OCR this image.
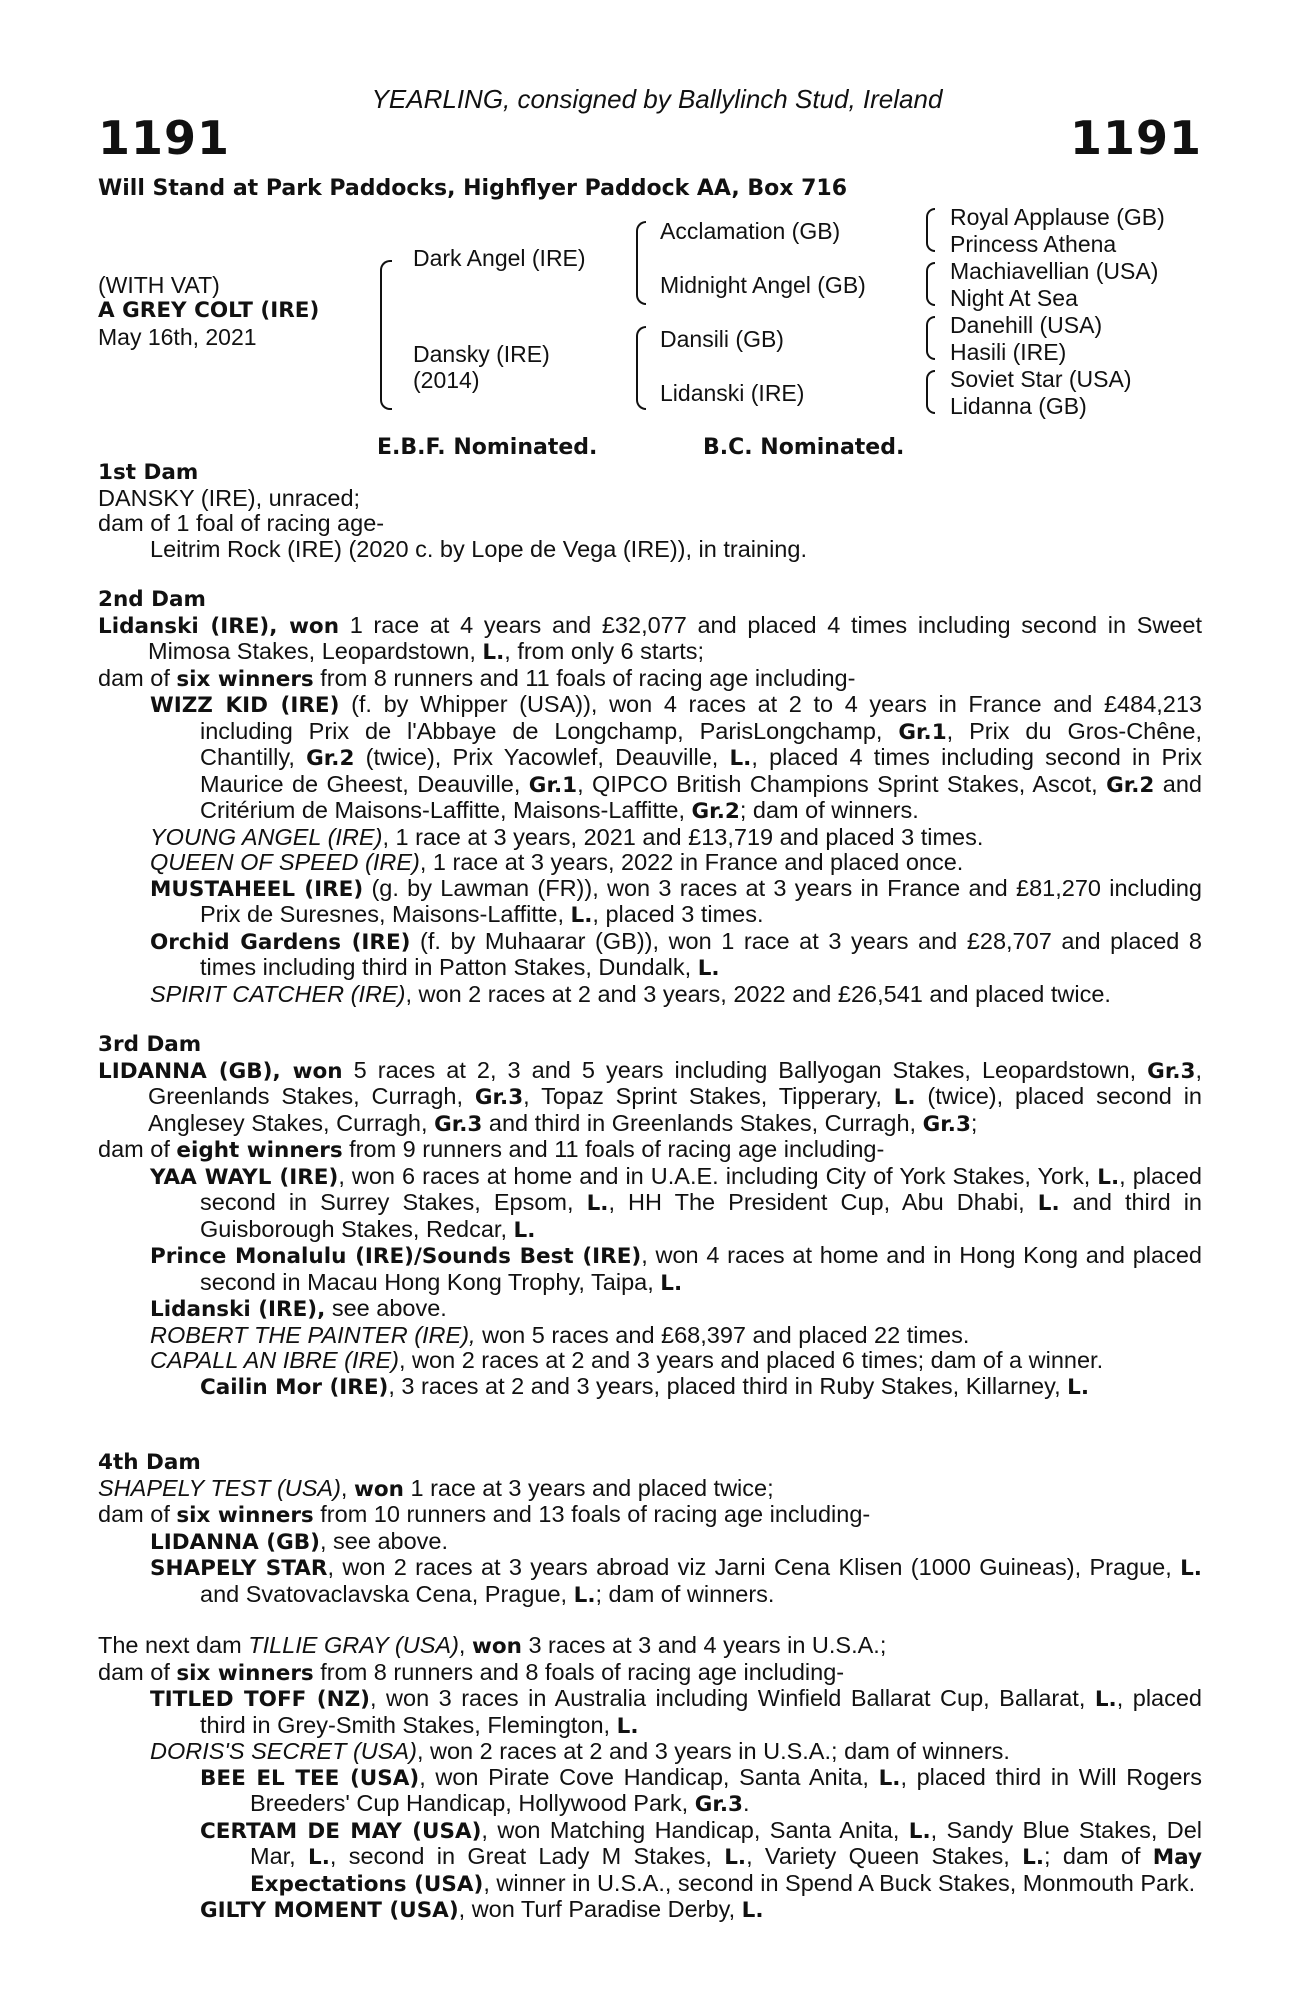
YEARLING, consigned by Ballylinch Stud, Ireland
1191	1191
Will Stand at Park Paddocks, Highflyer Paddock AA, Box 716
(WITH VAT)
A GREY COLT (IRE)
May 16th, 2021
Dark Angel (IRE)
Dansky (IRE)
(2014)
Acclamation (GB)
Midnight Angel (GB)
Dansili (GB)
Lidanski (IRE)
Royal Applause (GB)
Princess Athena
Machiavellian (USA)
Night At Sea
Danehill (USA)
Hasili (IRE)
Soviet Star (USA)
Lidanna (GB)
E.B.F. Nominated.	B.C. Nominated.
1st Dam
DANSKY (IRE), unraced;
dam of 1 foal of racing age-
Leitrim Rock (IRE) (2020 c. by Lope de Vega (IRE)), in training.
2nd Dam
Lidanski (IRE), won 1 race at 4 years and £32,077 and placed 4 times including second in Sweet Mimosa Stakes, Leopardstown, L., from only 6 starts;
dam of six winners from 8 runners and 11 foals of racing age including-
WIZZ KID (IRE) (f. by Whipper (USA)), won 4 races at 2 to 4 years in France and £484,213 including Prix de l'Abbaye de Longchamp, ParisLongchamp, Gr.1, Prix du Gros-Chêne, Chantilly, Gr.2 (twice), Prix Yacowlef, Deauville, L., placed 4 times including second in Prix Maurice de Gheest, Deauville, Gr.1, QIPCO British Champions Sprint Stakes, Ascot, Gr.2 and Critérium de Maisons-Laffitte, Maisons-Laffitte, Gr.2; dam of winners.
YOUNG ANGEL (IRE), 1 race at 3 years, 2021 and £13,719 and placed 3 times.
QUEEN OF SPEED (IRE), 1 race at 3 years, 2022 in France and placed once.
MUSTAHEEL (IRE) (g. by Lawman (FR)), won 3 races at 3 years in France and £81,270 including Prix de Suresnes, Maisons-Laffitte, L., placed 3 times.
Orchid Gardens (IRE) (f. by Muhaarar (GB)), won 1 race at 3 years and £28,707 and placed 8 times including third in Patton Stakes, Dundalk, L.
SPIRIT CATCHER (IRE), won 2 races at 2 and 3 years, 2022 and £26,541 and placed twice.
3rd Dam
LIDANNA (GB), won 5 races at 2, 3 and 5 years including Ballyogan Stakes, Leopardstown, Gr.3, Greenlands Stakes, Curragh, Gr.3, Topaz Sprint Stakes, Tipperary, L. (twice), placed second in Anglesey Stakes, Curragh, Gr.3 and third in Greenlands Stakes, Curragh, Gr.3;
dam of eight winners from 9 runners and 11 foals of racing age including-
YAA WAYL (IRE), won 6 races at home and in U.A.E. including City of York Stakes, York, L., placed second in Surrey Stakes, Epsom, L., HH The President Cup, Abu Dhabi, L. and third in Guisborough Stakes, Redcar, L.
Prince Monalulu (IRE)/Sounds Best (IRE), won 4 races at home and in Hong Kong and placed second in Macau Hong Kong Trophy, Taipa, L.
Lidanski (IRE), see above.
ROBERT THE PAINTER (IRE), won 5 races and £68,397 and placed 22 times.
CAPALL AN IBRE (IRE), won 2 races at 2 and 3 years and placed 6 times; dam of a winner.
Cailin Mor (IRE), 3 races at 2 and 3 years, placed third in Ruby Stakes, Killarney, L.
4th Dam
SHAPELY TEST (USA), won 1 race at 3 years and placed twice;
dam of six winners from 10 runners and 13 foals of racing age including-
LIDANNA (GB), see above.
SHAPELY STAR, won 2 races at 3 years abroad viz Jarni Cena Klisen (1000 Guineas), Prague, L. and Svatovaclavska Cena, Prague, L.; dam of winners.
The next dam TILLIE GRAY (USA), won 3 races at 3 and 4 years in U.S.A.;
dam of six winners from 8 runners and 8 foals of racing age including-
TITLED TOFF (NZ), won 3 races in Australia including Winfield Ballarat Cup, Ballarat, L., placed third in Grey-Smith Stakes, Flemington, L.
DORIS'S SECRET (USA), won 2 races at 2 and 3 years in U.S.A.; dam of winners.
BEE EL TEE (USA), won Pirate Cove Handicap, Santa Anita, L., placed third in Will Rogers Breeders' Cup Handicap, Hollywood Park, Gr.3.
CERTAM DE MAY (USA), won Matching Handicap, Santa Anita, L., Sandy Blue Stakes, Del Mar, L., second in Great Lady M Stakes, L., Variety Queen Stakes, L.; dam of May Expectations (USA), winner in U.S.A., second in Spend A Buck Stakes, Monmouth Park.
GILTY MOMENT (USA), won Turf Paradise Derby, L.
